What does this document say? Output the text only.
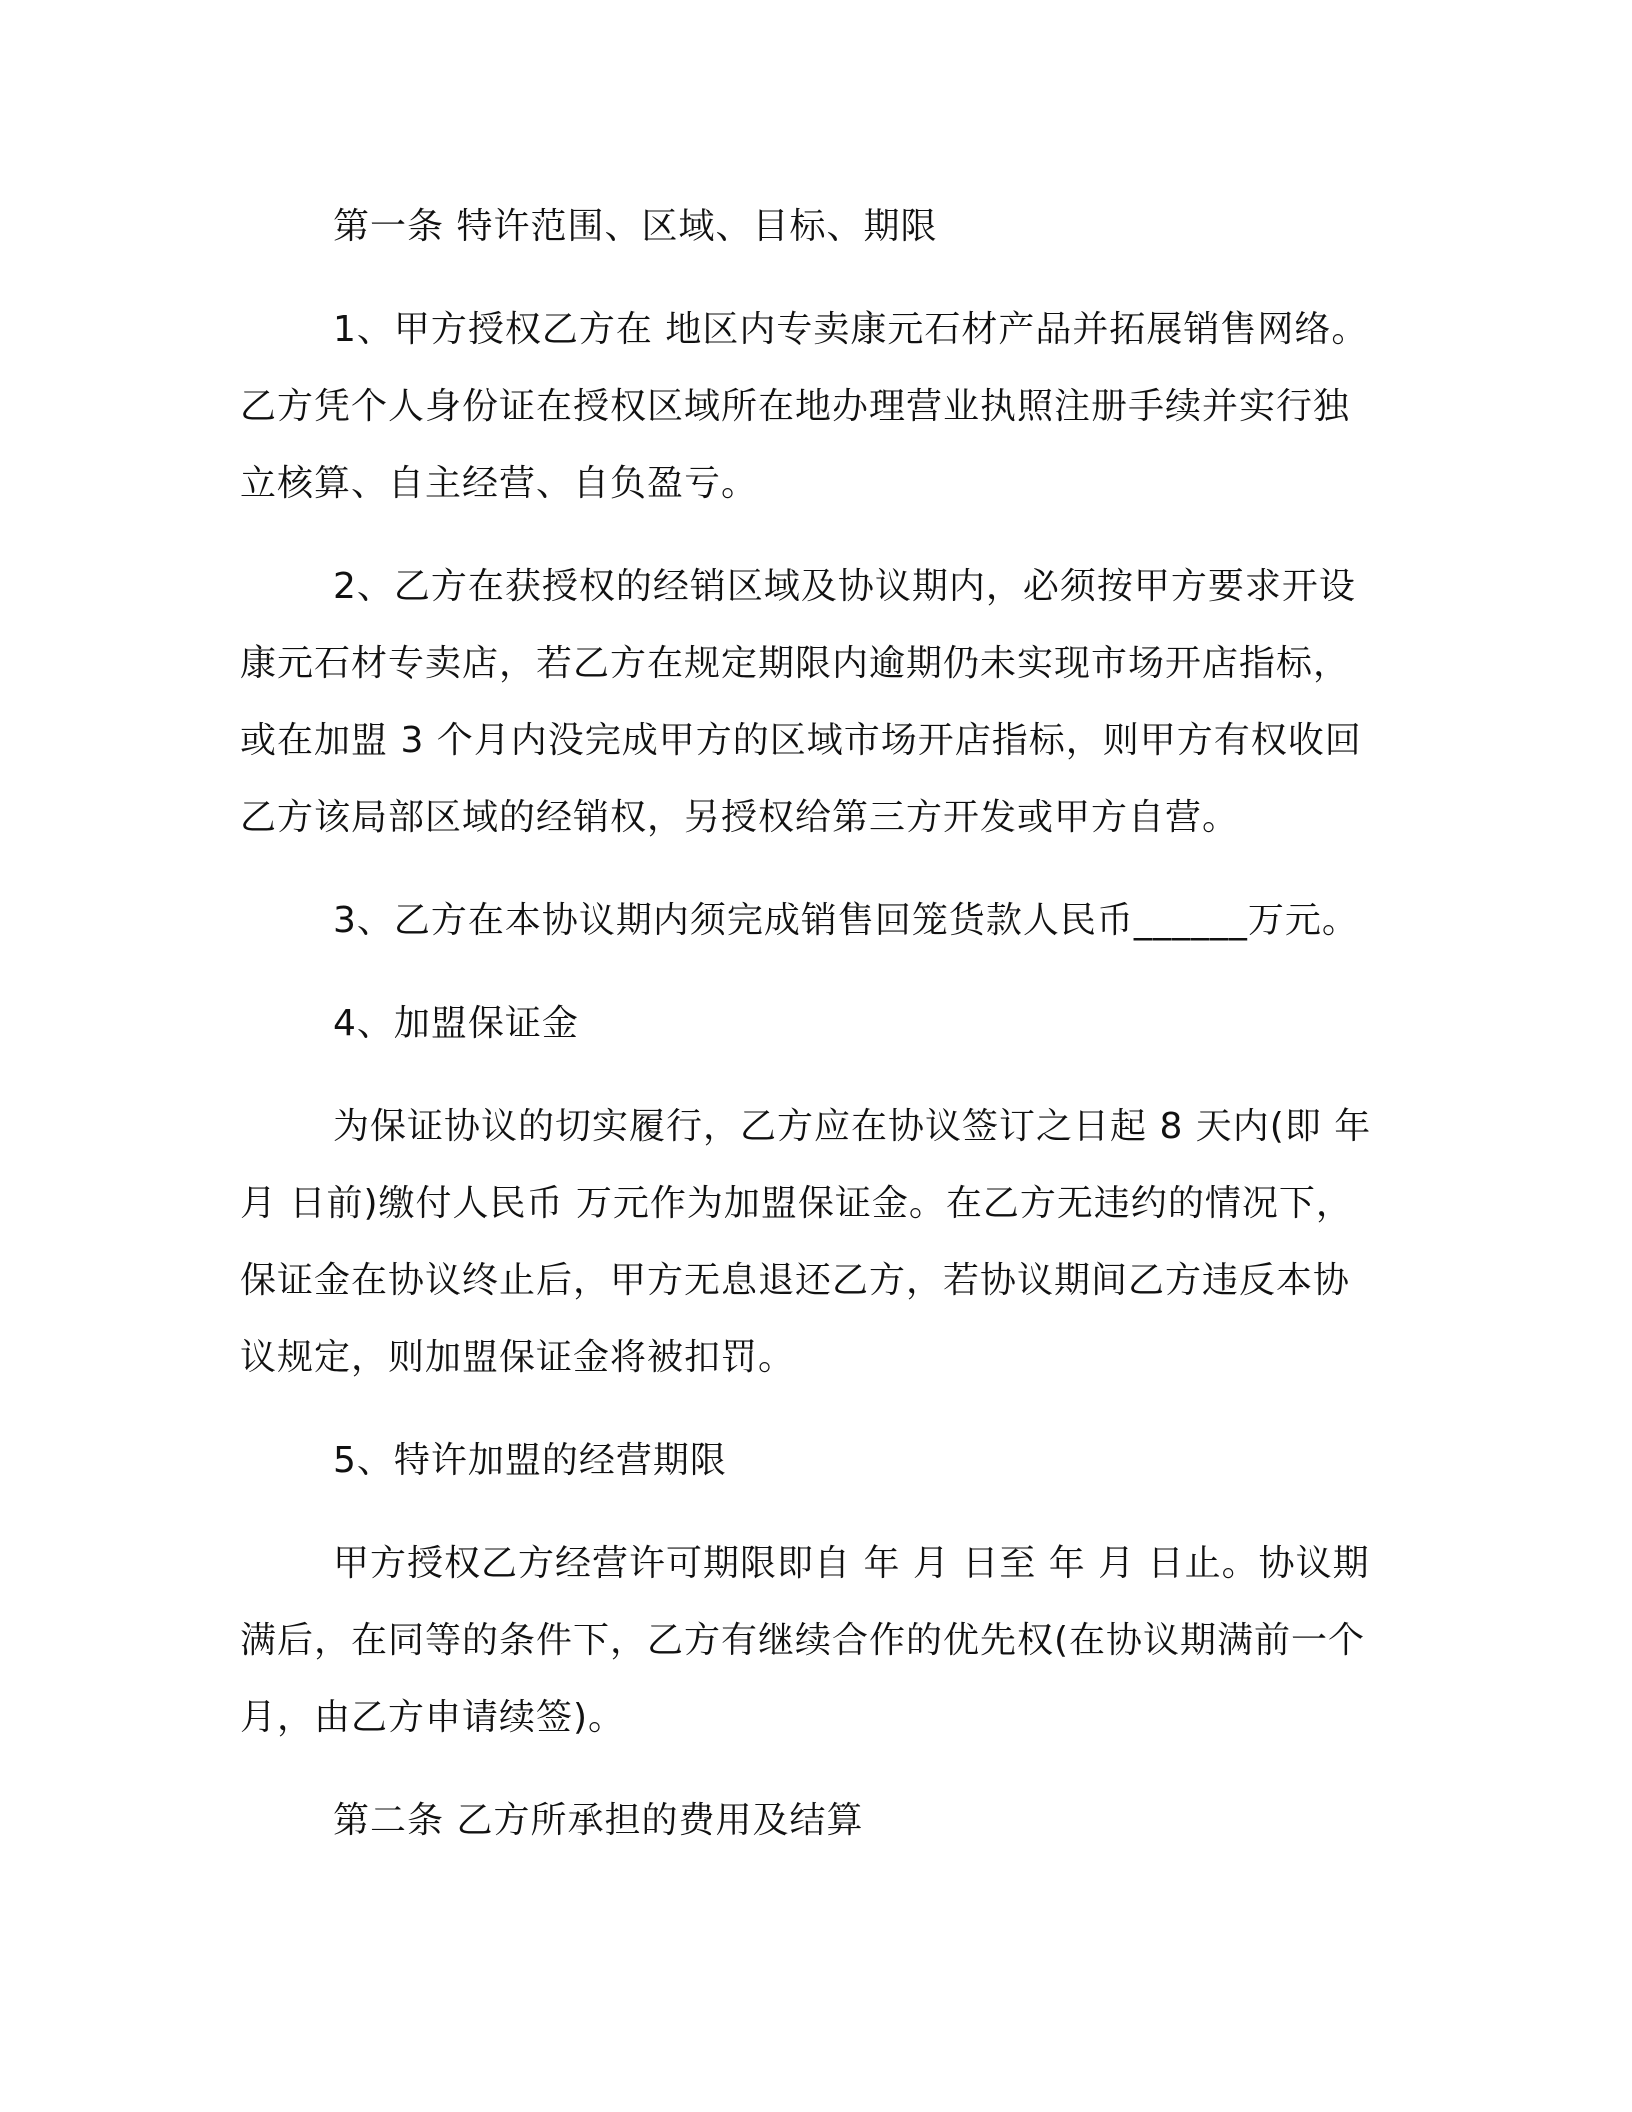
第一条 特许范围、区域、目标、期限

1、甲方授权乙方在 地区内专卖康元石材产品并拓展销售网络。乙方凭个人身份证在授权区域所在地办理营业执照注册手续并实行独立核算、自主经营、自负盈亏。

2、乙方在获授权的经销区域及协议期内，必须按甲方要求开设康元石材专卖店，若乙方在规定期限内逾期仍未实现市场开店指标，或在加盟 3 个月内没完成甲方的区域市场开店指标，则甲方有权收回乙方该局部区域的经销权，另授权给第三方开发或甲方自营。

3、乙方在本协议期内须完成销售回笼货款人民币______万元。

4、加盟保证金

为保证协议的切实履行，乙方应在协议签订之日起 8 天内(即 年 月 日前)缴付人民币 万元作为加盟保证金。在乙方无违约的情况下，保证金在协议终止后，甲方无息退还乙方，若协议期间乙方违反本协议规定，则加盟保证金将被扣罚。

5、特许加盟的经营期限

甲方授权乙方经营许可期限即自 年 月 日至 年 月 日止。协议期满后，在同等的条件下，乙方有继续合作的优先权(在协议期满前一个月，由乙方申请续签)。

第二条 乙方所承担的费用及结算
